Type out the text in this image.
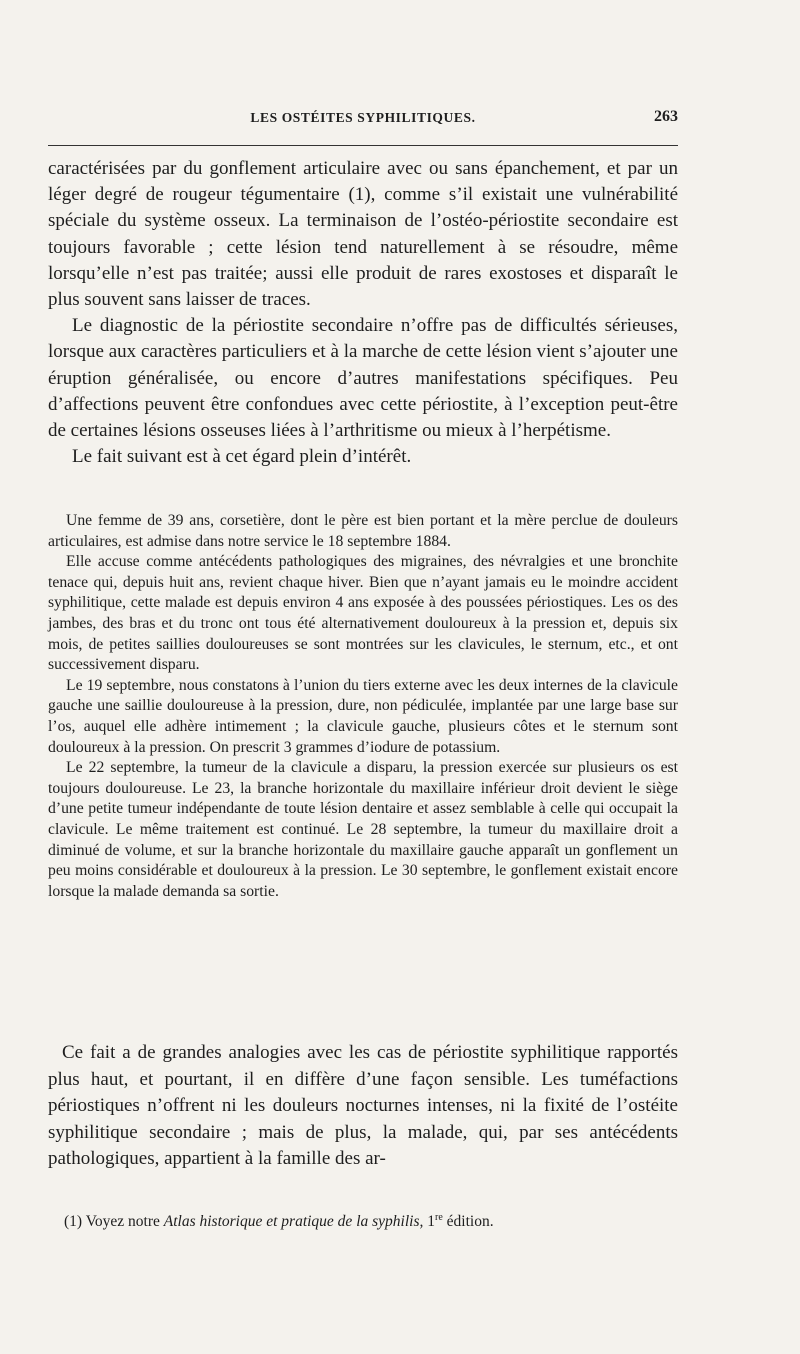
LES OSTÉITES SYPHILITIQUES.	263

caractérisées par du gonflement articulaire avec ou sans épanchement, et par un léger degré de rougeur tégumentaire (1), comme s’il existait une vulnérabilité spéciale du système osseux. La terminaison de l’ostéo-périostite secondaire est toujours favorable ; cette lésion tend naturellement à se résoudre, même lorsqu’elle n’est pas traitée; aussi elle produit de rares exostoses et disparaît le plus souvent sans laisser de traces.

Le diagnostic de la périostite secondaire n’offre pas de difficultés sérieuses, lorsque aux caractères particuliers et à la marche de cette lésion vient s’ajouter une éruption généralisée, ou encore d’autres manifestations spécifiques. Peu d’affections peuvent être confondues avec cette périostite, à l’exception peut-être de certaines lésions osseuses liées à l’arthritisme ou mieux à l’herpétisme.

Le fait suivant est à cet égard plein d’intérêt.

Une femme de 39 ans, corsetière, dont le père est bien portant et la mère perclue de douleurs articulaires, est admise dans notre service le 18 septembre 1884.

Elle accuse comme antécédents pathologiques des migraines, des névralgies et une bronchite tenace qui, depuis huit ans, revient chaque hiver. Bien que n’ayant jamais eu le moindre accident syphilitique, cette malade est depuis environ 4 ans exposée à des poussées périostiques. Les os des jambes, des bras et du tronc ont tous été alternativement douloureux à la pression et, depuis six mois, de petites saillies douloureuses se sont montrées sur les clavicules, le sternum, etc., et ont successivement disparu.

Le 19 septembre, nous constatons à l’union du tiers externe avec les deux internes de la clavicule gauche une saillie douloureuse à la pression, dure, non pédiculée, implantée par une large base sur l’os, auquel elle adhère intimement ; la clavicule gauche, plusieurs côtes et le sternum sont douloureux à la pression. On prescrit 3 grammes d’iodure de potassium.

Le 22 septembre, la tumeur de la clavicule a disparu, la pression exercée sur plusieurs os est toujours douloureuse. Le 23, la branche horizontale du maxillaire inférieur droit devient le siège d’une petite tumeur indépendante de toute lésion dentaire et assez semblable à celle qui occupait la clavicule. Le même traitement est continué. Le 28 septembre, la tumeur du maxillaire droit a diminué de volume, et sur la branche horizontale du maxillaire gauche apparaît un gonflement un peu moins considérable et douloureux à la pression. Le 30 septembre, le gonflement existait encore lorsque la malade demanda sa sortie.

Ce fait a de grandes analogies avec les cas de périostite syphilitique rapportés plus haut, et pourtant, il en diffère d’une façon sensible. Les tuméfactions périostiques n’offrent ni les douleurs nocturnes intenses, ni la fixité de l’ostéite syphilitique secondaire ; mais de plus, la malade, qui, par ses antécédents pathologiques, appartient à la famille des ar-

(1) Voyez notre Atlas historique et pratique de la syphilis, 1re édition.
